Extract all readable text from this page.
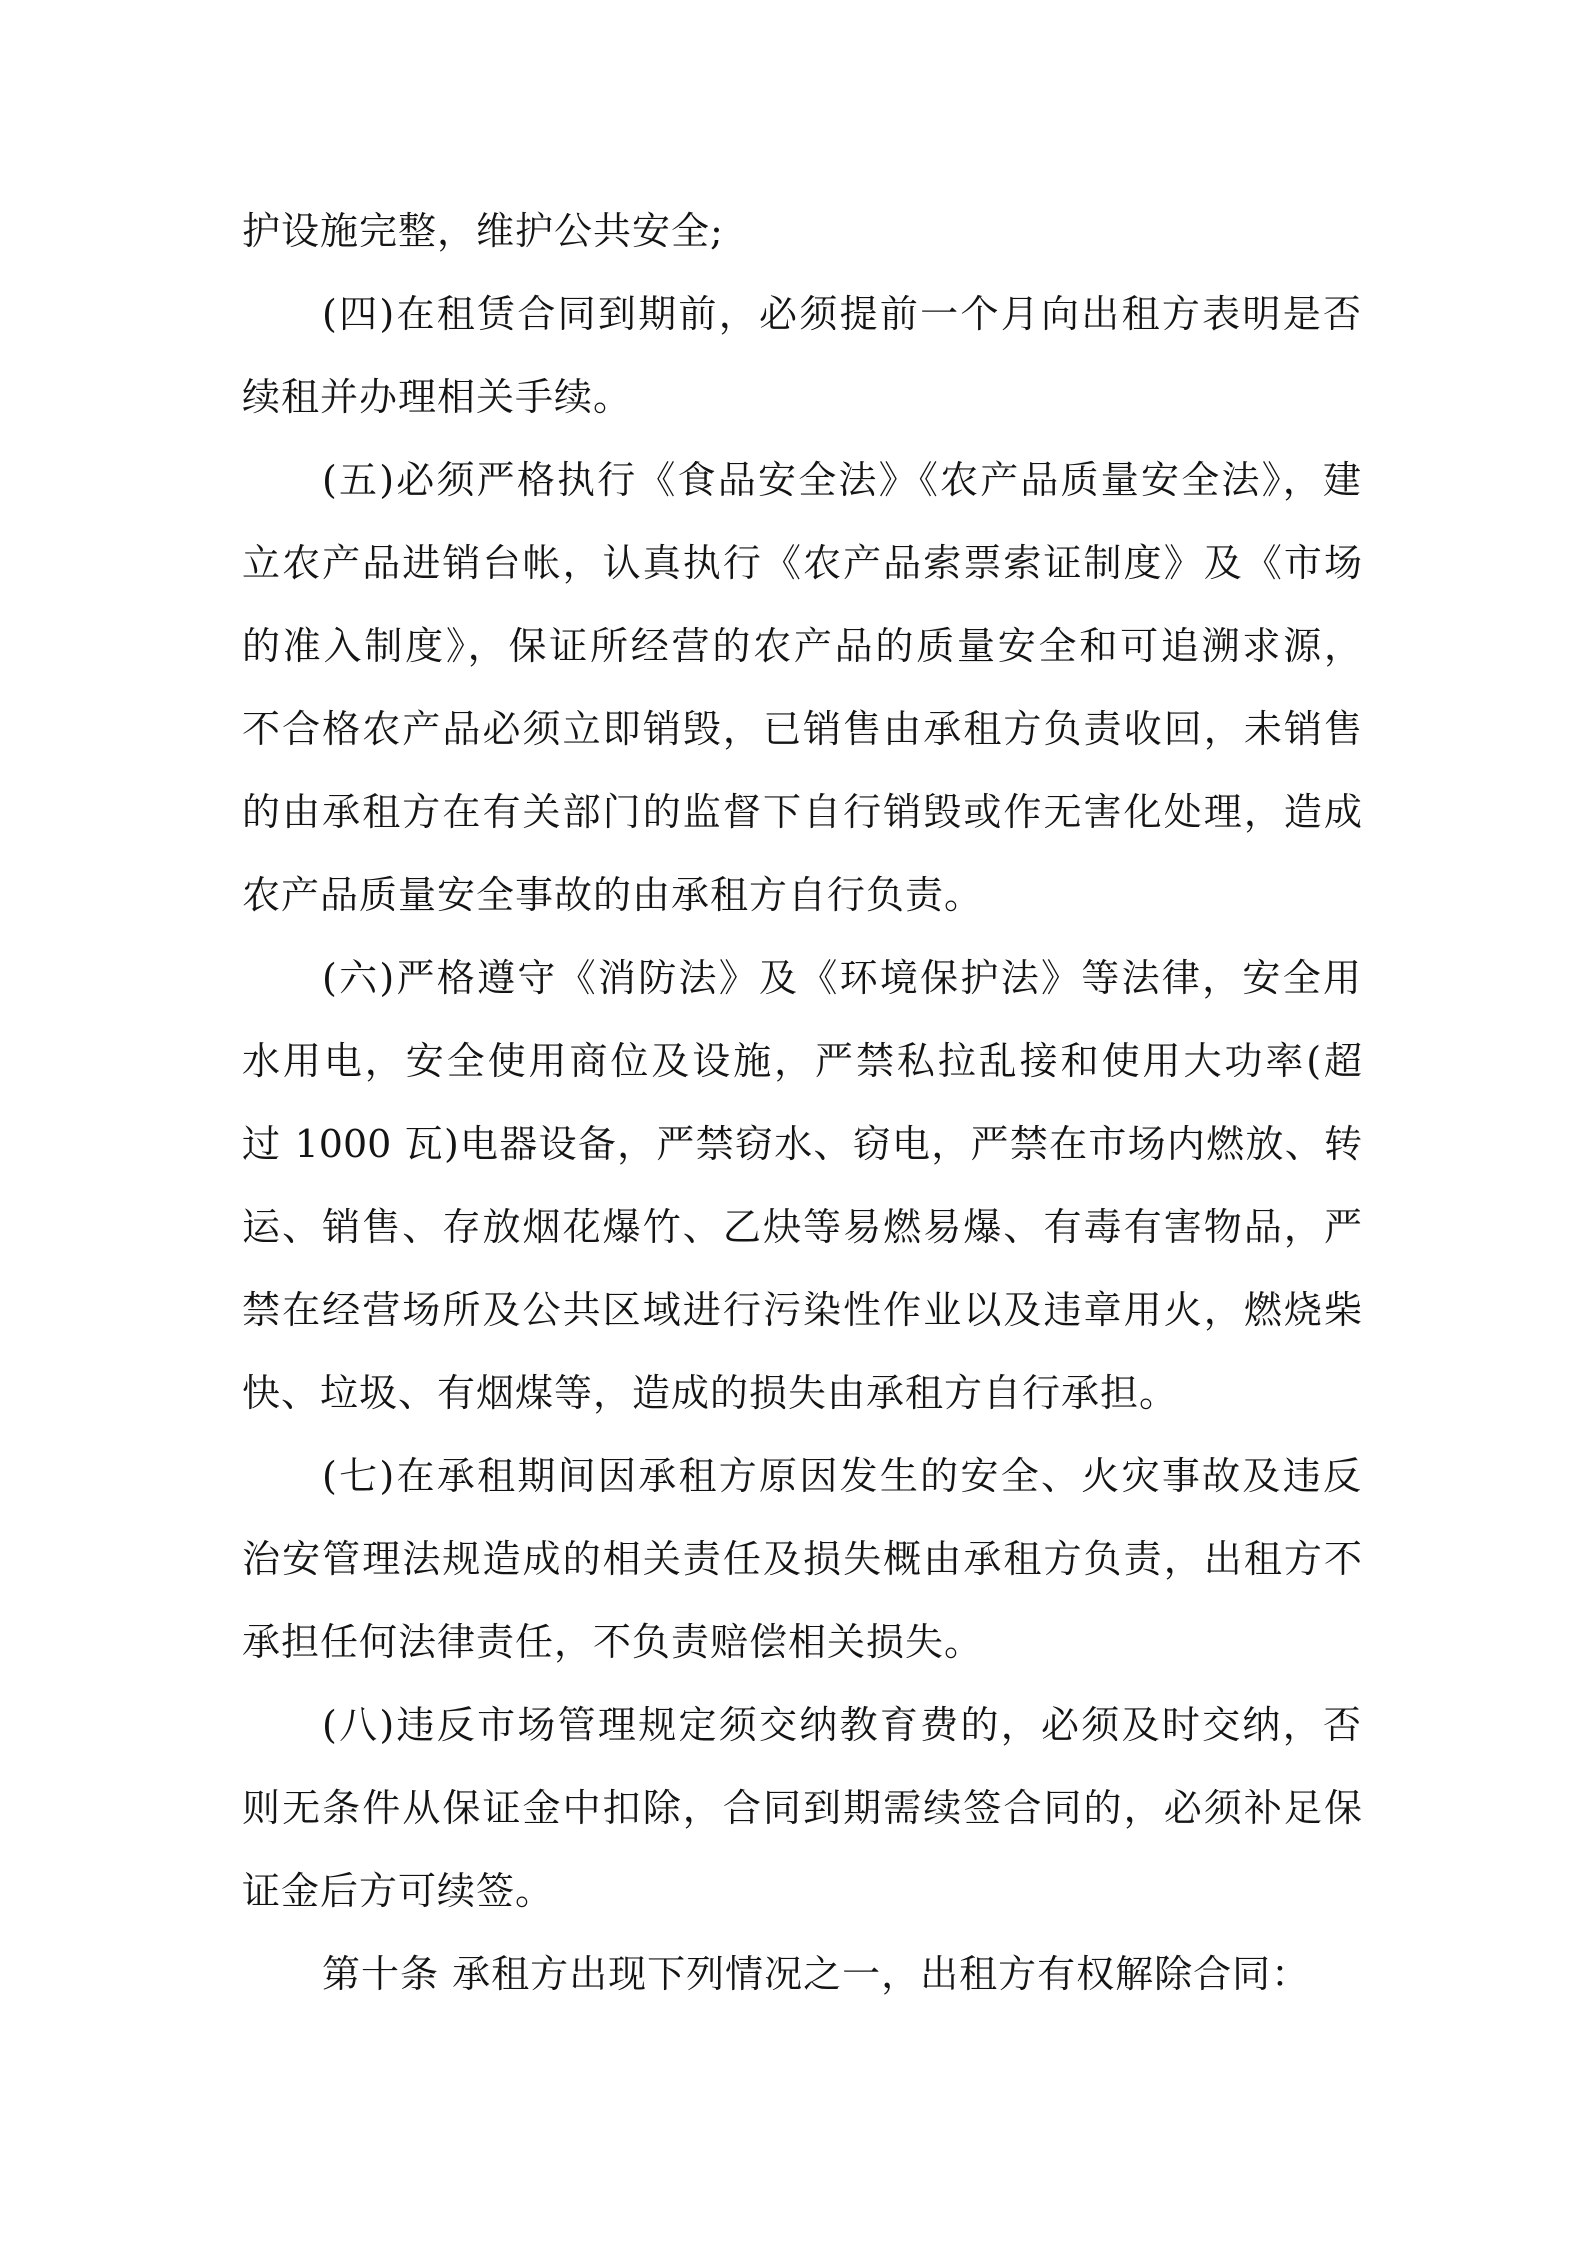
护设施完整，维护公共安全;
(四)在租赁合同到期前，必须提前一个月向出租方表明是否
续租并办理相关手续。
(五)必须严格执行《食品安全法》《农产品质量安全法》，建
立农产品进销台帐，认真执行《农产品索票索证制度》及《市场
的准入制度》，保证所经营的农产品的质量安全和可追溯求源，
不合格农产品必须立即销毁，已销售由承租方负责收回，未销售
的由承租方在有关部门的监督下自行销毁或作无害化处理，造成
农产品质量安全事故的由承租方自行负责。
(六)严格遵守《消防法》及《环境保护法》等法律，安全用
水用电，安全使用商位及设施，严禁私拉乱接和使用大功率(超
过 1000 瓦)电器设备，严禁窃水、窃电，严禁在市场内燃放、转
运、销售、存放烟花爆竹、乙炔等易燃易爆、有毒有害物品，严
禁在经营场所及公共区域进行污染性作业以及违章用火，燃烧柴
快、垃圾、有烟煤等，造成的损失由承租方自行承担。
(七)在承租期间因承租方原因发生的安全、火灾事故及违反
治安管理法规造成的相关责任及损失概由承租方负责，出租方不
承担任何法律责任，不负责赔偿相关损失。
(八)违反市场管理规定须交纳教育费的，必须及时交纳，否
则无条件从保证金中扣除，合同到期需续签合同的，必须补足保
证金后方可续签。
第十条 承租方出现下列情况之一，出租方有权解除合同：
